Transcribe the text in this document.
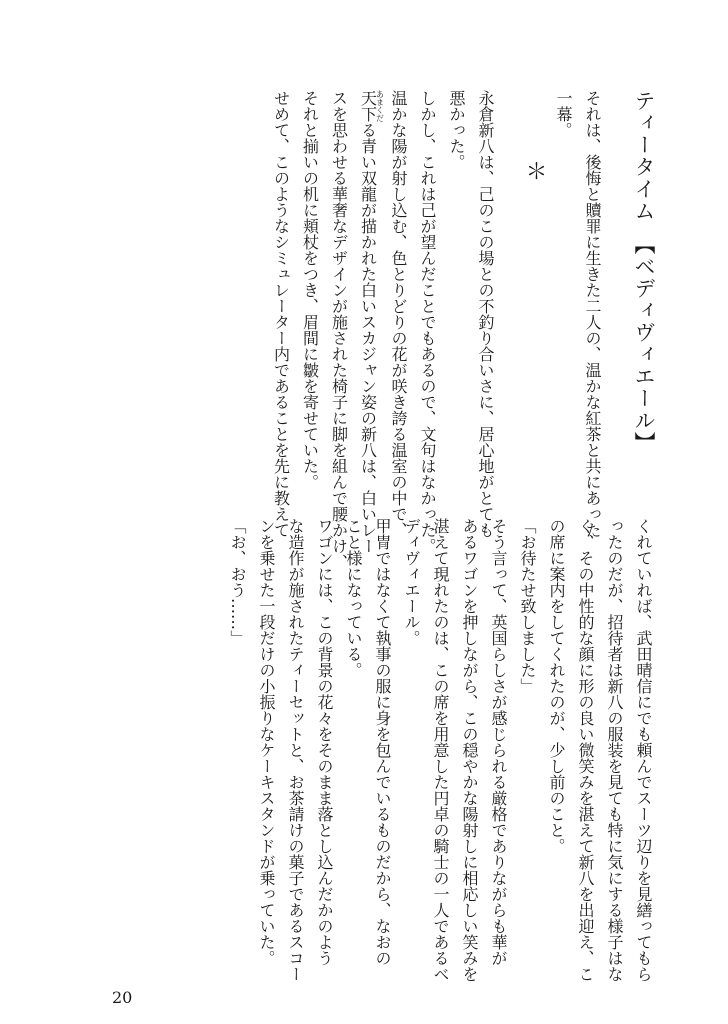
ティータイム　【ベディヴィエール】
それは、後悔と贖罪に生きた二人の、温かな紅茶と共にあった
一幕。
＊
永倉新八は、己のこの場との不釣り合いさに、居心地がとても
悪かった。
しかし、これは己が望んだことでもあるので、文句はなかった。
温かな陽が射し込む、色とりどりの花が咲き誇る温室の中で、
天下あまくだる青い双龍が描かれた白いスカジャン姿の新八は、白いレー
スを思わせる華奢なデザインが施された椅子に脚を組んで腰かけ、
それと揃いの机に頬杖をつき、眉間に皺を寄せていた。
せめて、このようなシミュレーター内であることを先に教えて
くれていれば、武田晴信にでも頼んでスーツ辺りを見繕ってもら
ったのだが、招待者は新八の服装を見ても特に気にする様子はな
く、その中性的な顔に形の良い微笑みを湛えて新八を出迎え、こ
の席に案内をしてくれたのが、少し前のこと。
「お待たせ致しました」
そう言って、英国らしさが感じられる厳格でありながらも華が
あるワゴンを押しながら、この穏やかな陽射しに相応しい笑みを
湛えて現れたのは、この席を用意した円卓の騎士の一人であるベ
ディヴィエール。
甲冑ではなくて執事の服に身を包んでいるものだから、なおの
こと様になっている。
ワゴンには、この背景の花々をそのまま落とし込んだかのよう
な造作が施されたティーセットと、お茶請けの菓子であるスコー
ンを乗せた一段だけの小振りなケーキスタンドが乗っていた。
「お、おう……」
20
